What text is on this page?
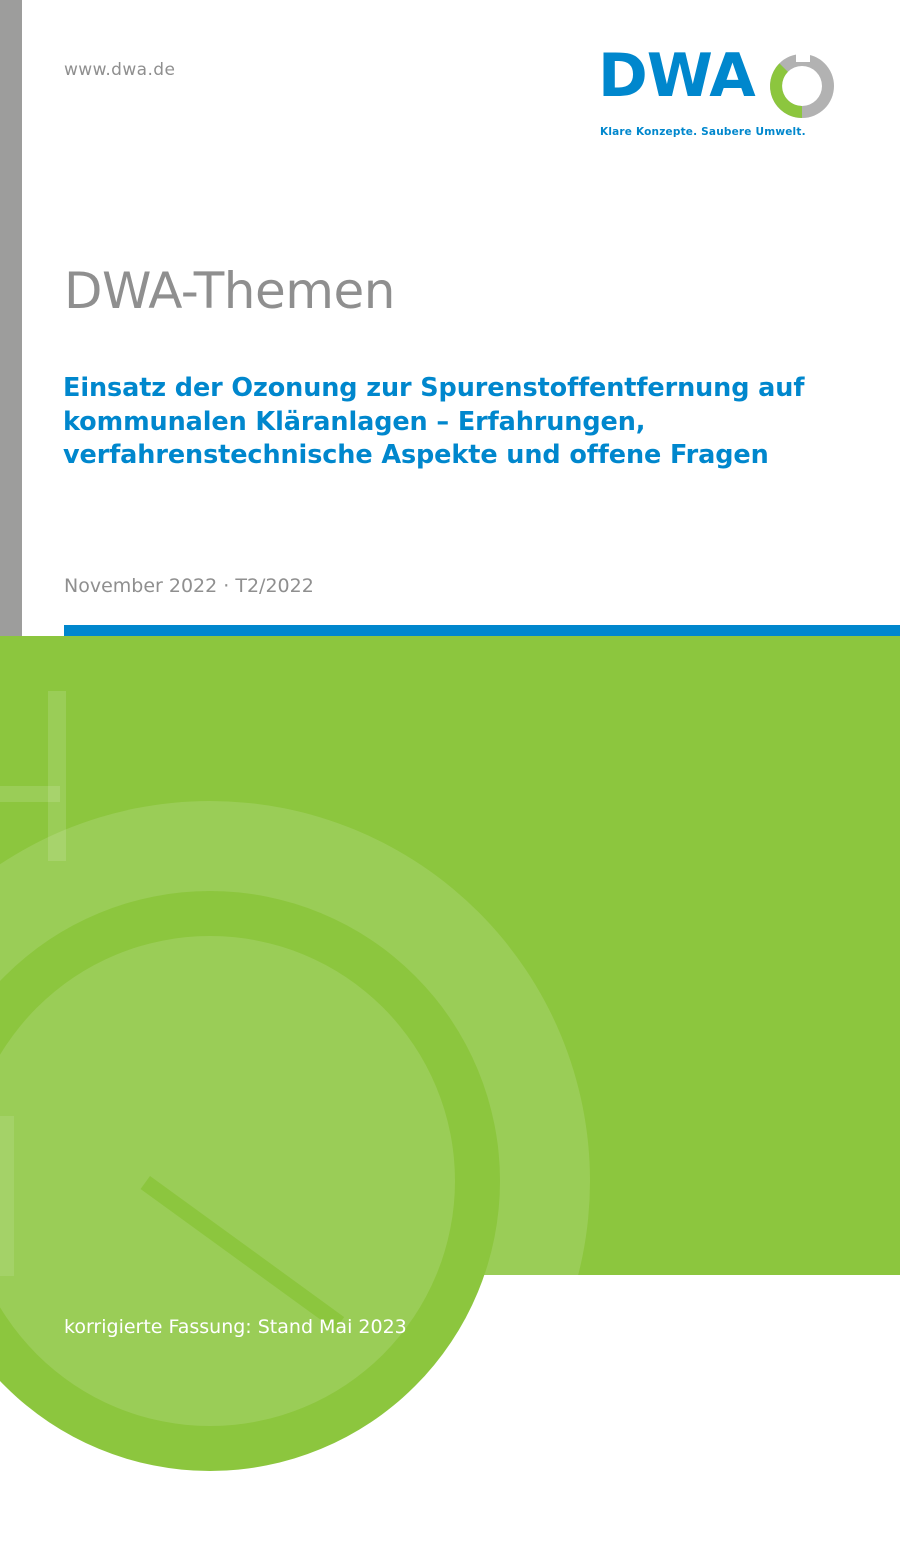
www.dwa.de	DWA
Klare Konzepte. Saubere Umwelt.
DWA-Themen
Einsatz der Ozonung zur Spurenstoffentfernung auf kommunalen Kläranlagen – Erfahrungen, verfahrenstechnische Aspekte und offene Fragen
November 2022 · T2/2022
korrigierte Fassung: Stand Mai 2023
